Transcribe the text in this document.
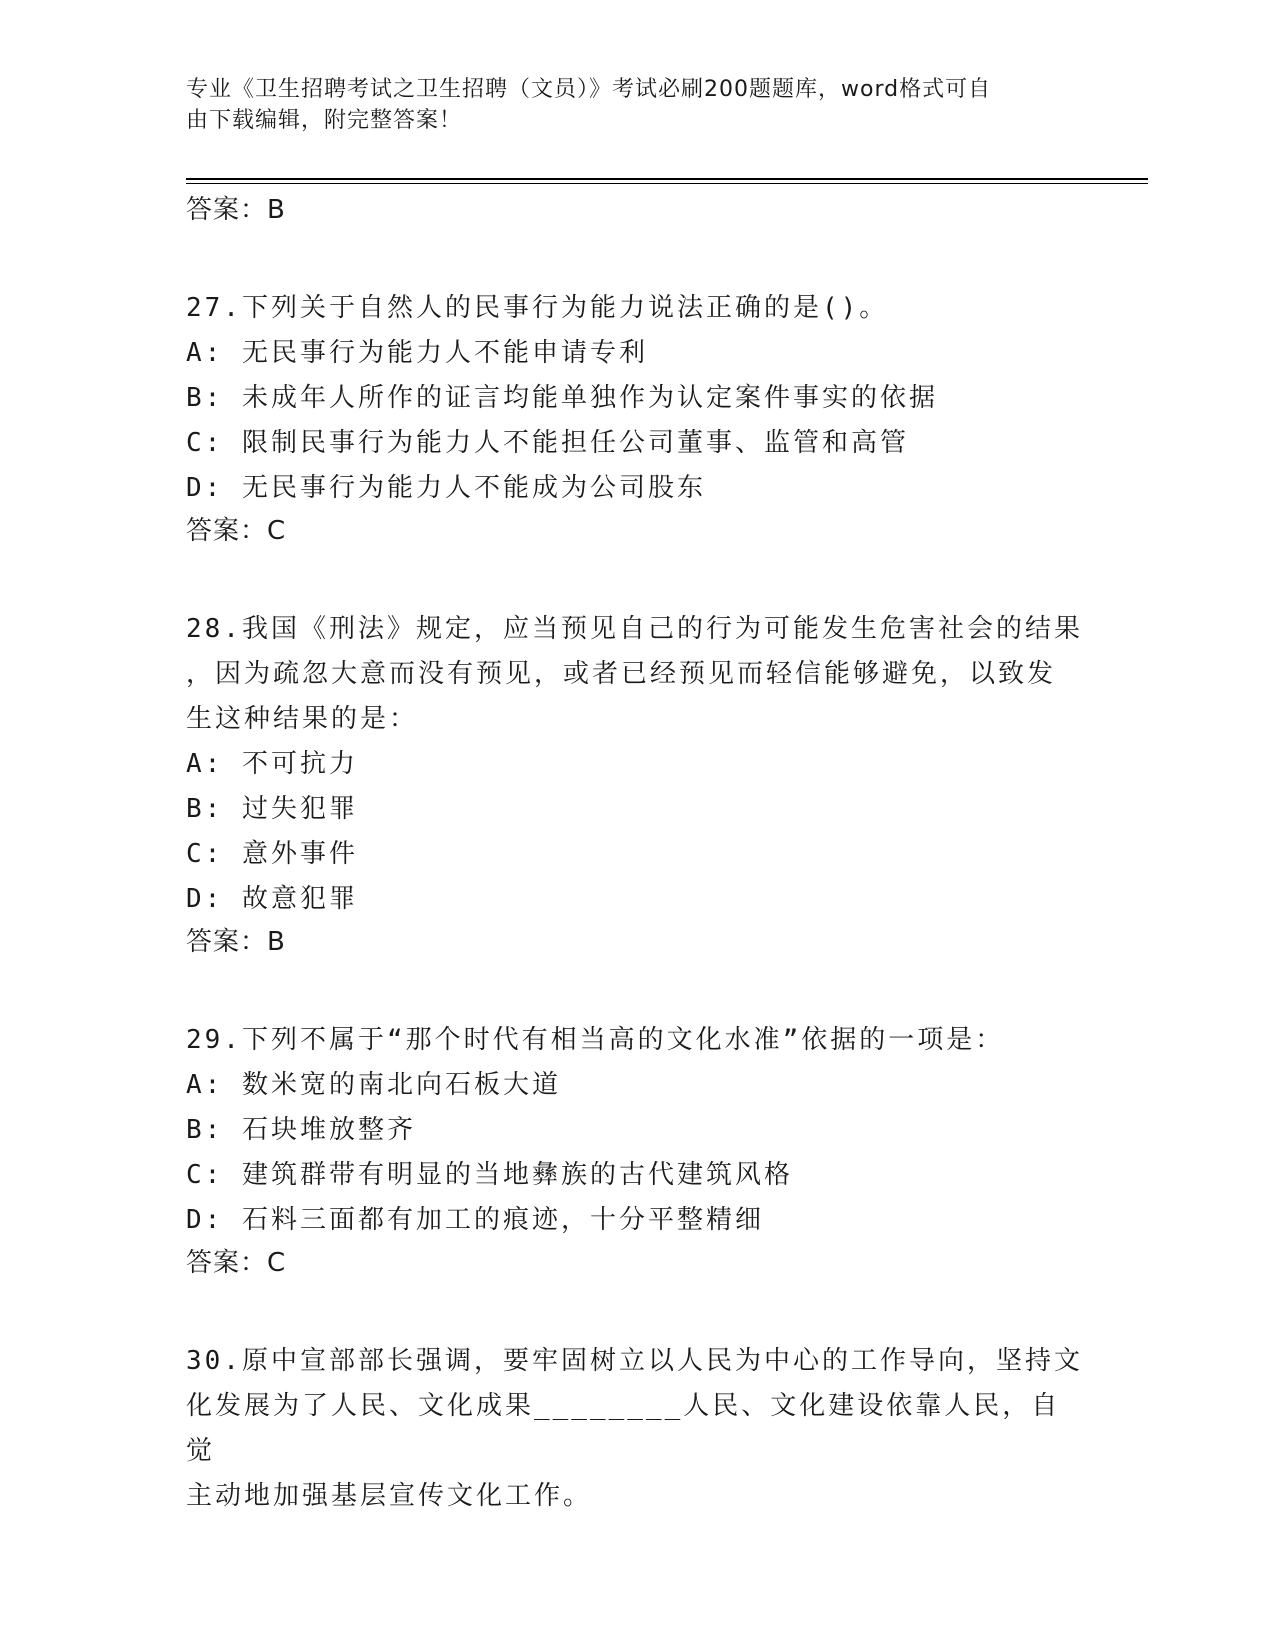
专业《卫生招聘考试之卫生招聘（文员）》考试必刷200题题库，word格式可自
由下载编辑，附完整答案！

答案：B

27.下列关于自然人的民事行为能力说法正确的是()。

A: 无民事行为能力人不能申请专利

B: 未成年人所作的证言均能单独作为认定案件事实的依据

C: 限制民事行为能力人不能担任公司董事、监管和高管

D: 无民事行为能力人不能成为公司股东

答案：C

28.我国《刑法》规定，应当预见自己的行为可能发生危害社会的结果

，因为疏忽大意而没有预见，或者已经预见而轻信能够避免，以致发

生这种结果的是：

A: 不可抗力

B: 过失犯罪

C: 意外事件

D: 故意犯罪

答案：B

29.下列不属于“那个时代有相当高的文化水准”依据的一项是：

A: 数米宽的南北向石板大道

B: 石块堆放整齐

C: 建筑群带有明显的当地彝族的古代建筑风格

D: 石料三面都有加工的痕迹，十分平整精细

答案：C

30.原中宣部部长强调，要牢固树立以人民为中心的工作导向，坚持文

化发展为了人民、文化成果________人民、文化建设依靠人民，自觉

主动地加强基层宣传文化工作。
